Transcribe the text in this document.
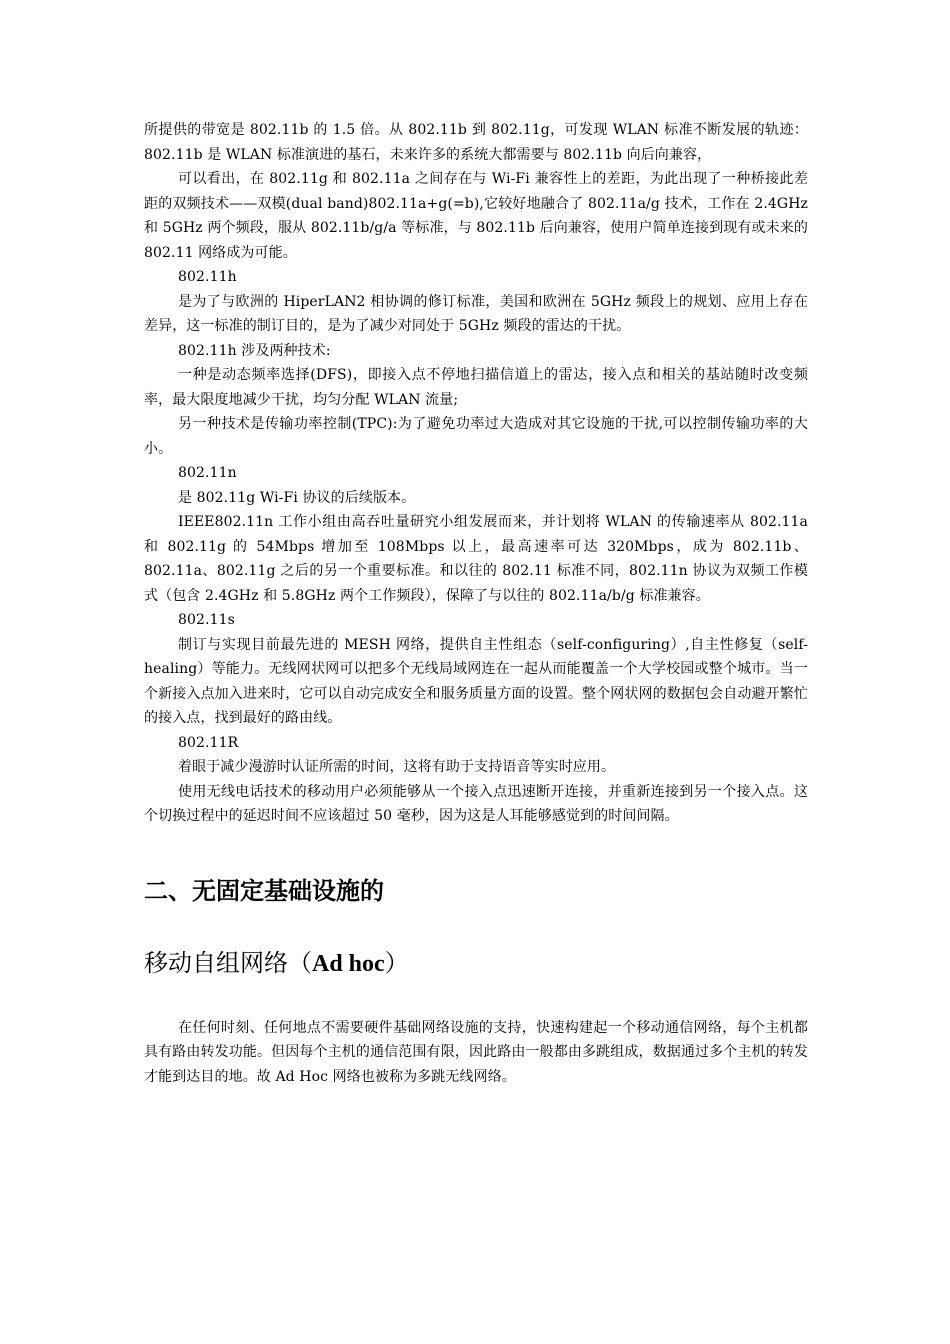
所提供的带宽是 802.11b 的 1.5 倍。从 802.11b 到 802.11g，可发现 WLAN 标准不断发展的轨迹：802.11b 是 WLAN 标准演进的基石，未来许多的系统大都需要与 802.11b 向后向兼容，

可以看出，在 802.11g 和 802.11a 之间存在与 Wi-Fi 兼容性上的差距，为此出现了一种桥接此差距的双频技术——双模(dual band)802.11a+g(=b),它较好地融合了 802.11a/g 技术，工作在 2.4GHz 和 5GHz 两个频段，服从 802.11b/g/a 等标准，与 802.11b 后向兼容，使用户简单连接到现有或未来的 802.11 网络成为可能。

802.11h

是为了与欧洲的 HiperLAN2 相协调的修订标准，美国和欧洲在 5GHz 频段上的规划、应用上存在差异，这一标准的制订目的，是为了减少对同处于 5GHz 频段的雷达的干扰。

802.11h 涉及两种技术:

一种是动态频率选择(DFS)，即接入点不停地扫描信道上的雷达，接入点和相关的基站随时改变频率，最大限度地减少干扰，均匀分配 WLAN 流量;

另一种技术是传输功率控制(TPC):为了避免功率过大造成对其它设施的干扰,可以控制传输功率的大小。

802.11n

是 802.11g Wi-Fi 协议的后续版本。

IEEE802.11n 工作小组由高吞吐量研究小组发展而来，并计划将 WLAN 的传输速率从 802.11a 和 802.11g 的 54Mbps 增加至 108Mbps 以上，最高速率可达 320Mbps，成为 802.11b、802.11a、802.11g 之后的另一个重要标准。和以往的 802.11 标准不同，802.11n 协议为双频工作模式（包含 2.4GHz 和 5.8GHz 两个工作频段），保障了与以往的 802.11a/b/g 标准兼容。

802.11s

制订与实现目前最先进的 MESH 网络，提供自主性组态（self-configuring）,自主性修复（self-healing）等能力。无线网状网可以把多个无线局域网连在一起从而能覆盖一个大学校园或整个城市。当一个新接入点加入进来时，它可以自动完成安全和服务质量方面的设置。整个网状网的数据包会自动避开繁忙的接入点，找到最好的路由线。

802.11R

着眼于减少漫游时认证所需的时间，这将有助于支持语音等实时应用。

使用无线电话技术的移动用户必须能够从一个接入点迅速断开连接，并重新连接到另一个接入点。这个切换过程中的延迟时间不应该超过 50 毫秒，因为这是人耳能够感觉到的时间间隔。

二、无固定基础设施的
移动自组网络（Ad hoc）

在任何时刻、任何地点不需要硬件基础网络设施的支持，快速构建起一个移动通信网络，每个主机都具有路由转发功能。但因每个主机的通信范围有限，因此路由一般都由多跳组成，数据通过多个主机的转发才能到达目的地。故 Ad Hoc 网络也被称为多跳无线网络。
